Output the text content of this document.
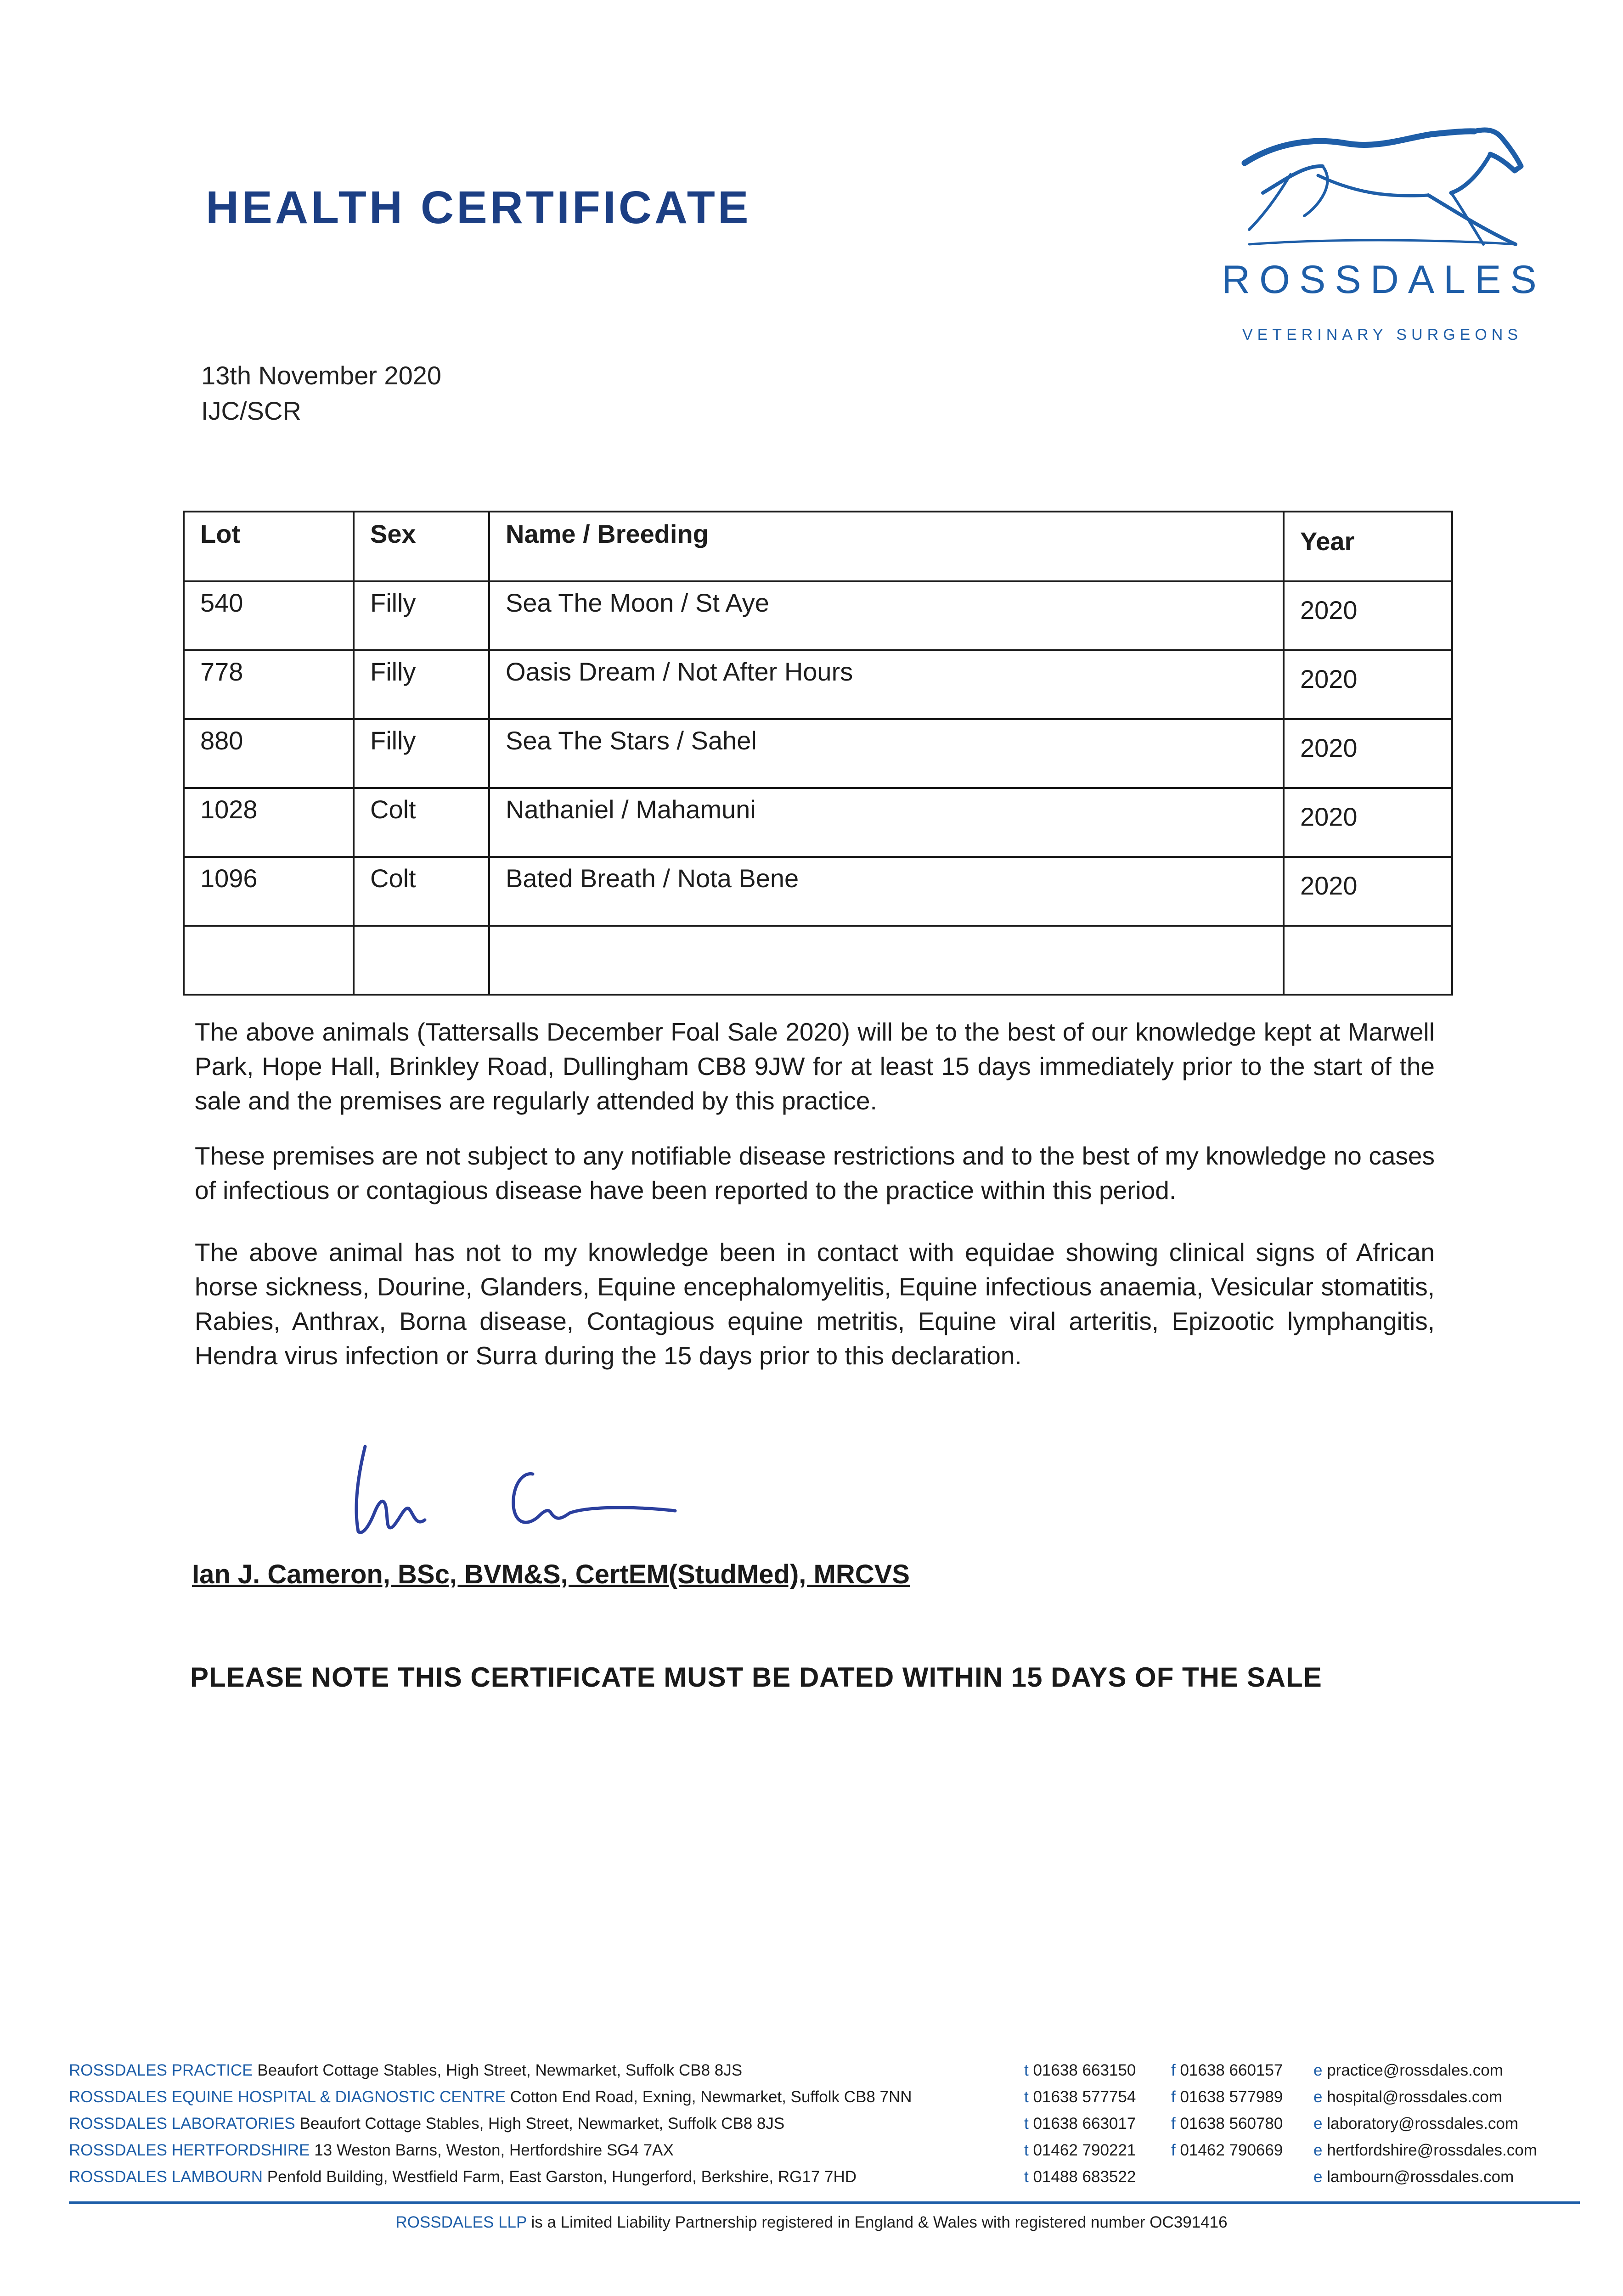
HEALTH CERTIFICATE
ROSSDALES
VETERINARY SURGEONS
13th November 2020
IJC/SCR
Lot	Sex	Name / Breeding	Year
540	Filly	Sea The Moon / St Aye	2020
778	Filly	Oasis Dream / Not After Hours	2020
880	Filly	Sea The Stars / Sahel	2020
1028	Colt	Nathaniel / Mahamuni	2020
1096	Colt	Bated Breath / Nota Bene	2020

The above animals (Tattersalls December Foal Sale 2020) will be to the best of our knowledge kept at Marwell Park, Hope Hall, Brinkley Road, Dullingham CB8 9JW for at least 15 days immediately prior to the start of the sale and the premises are regularly attended by this practice.

These premises are not subject to any notifiable disease restrictions and to the best of my knowledge no cases of infectious or contagious disease have been reported to the practice within this period.

The above animal has not to my knowledge been in contact with equidae showing clinical signs of African horse sickness, Dourine, Glanders, Equine encephalomyelitis, Equine infectious anaemia, Vesicular stomatitis, Rabies, Anthrax, Borna disease, Contagious equine metritis, Equine viral arteritis, Epizootic lymphangitis, Hendra virus infection or Surra during the 15 days prior to this declaration.

Ian J. Cameron, BSc, BVM&S, CertEM(StudMed), MRCVS
PLEASE NOTE THIS CERTIFICATE MUST BE DATED WITHIN 15 DAYS OF THE SALE
ROSSDALES PRACTICE Beaufort Cottage Stables, High Street, Newmarket, Suffolk CB8 8JS	t 01638 663150	f 01638 660157	e practice@rossdales.com
ROSSDALES EQUINE HOSPITAL & DIAGNOSTIC CENTRE Cotton End Road, Exning, Newmarket, Suffolk CB8 7NN	t 01638 577754	f 01638 577989	e hospital@rossdales.com
ROSSDALES LABORATORIES Beaufort Cottage Stables, High Street, Newmarket, Suffolk CB8 8JS	t 01638 663017	f 01638 560780	e laboratory@rossdales.com
ROSSDALES HERTFORDSHIRE 13 Weston Barns, Weston, Hertfordshire SG4 7AX	t 01462 790221	f 01462 790669	e hertfordshire@rossdales.com
ROSSDALES LAMBOURN Penfold Building, Westfield Farm, East Garston, Hungerford, Berkshire, RG17 7HD	t 01488 683522		e lambourn@rossdales.com
ROSSDALES LLP is a Limited Liability Partnership registered in England & Wales with registered number OC391416
